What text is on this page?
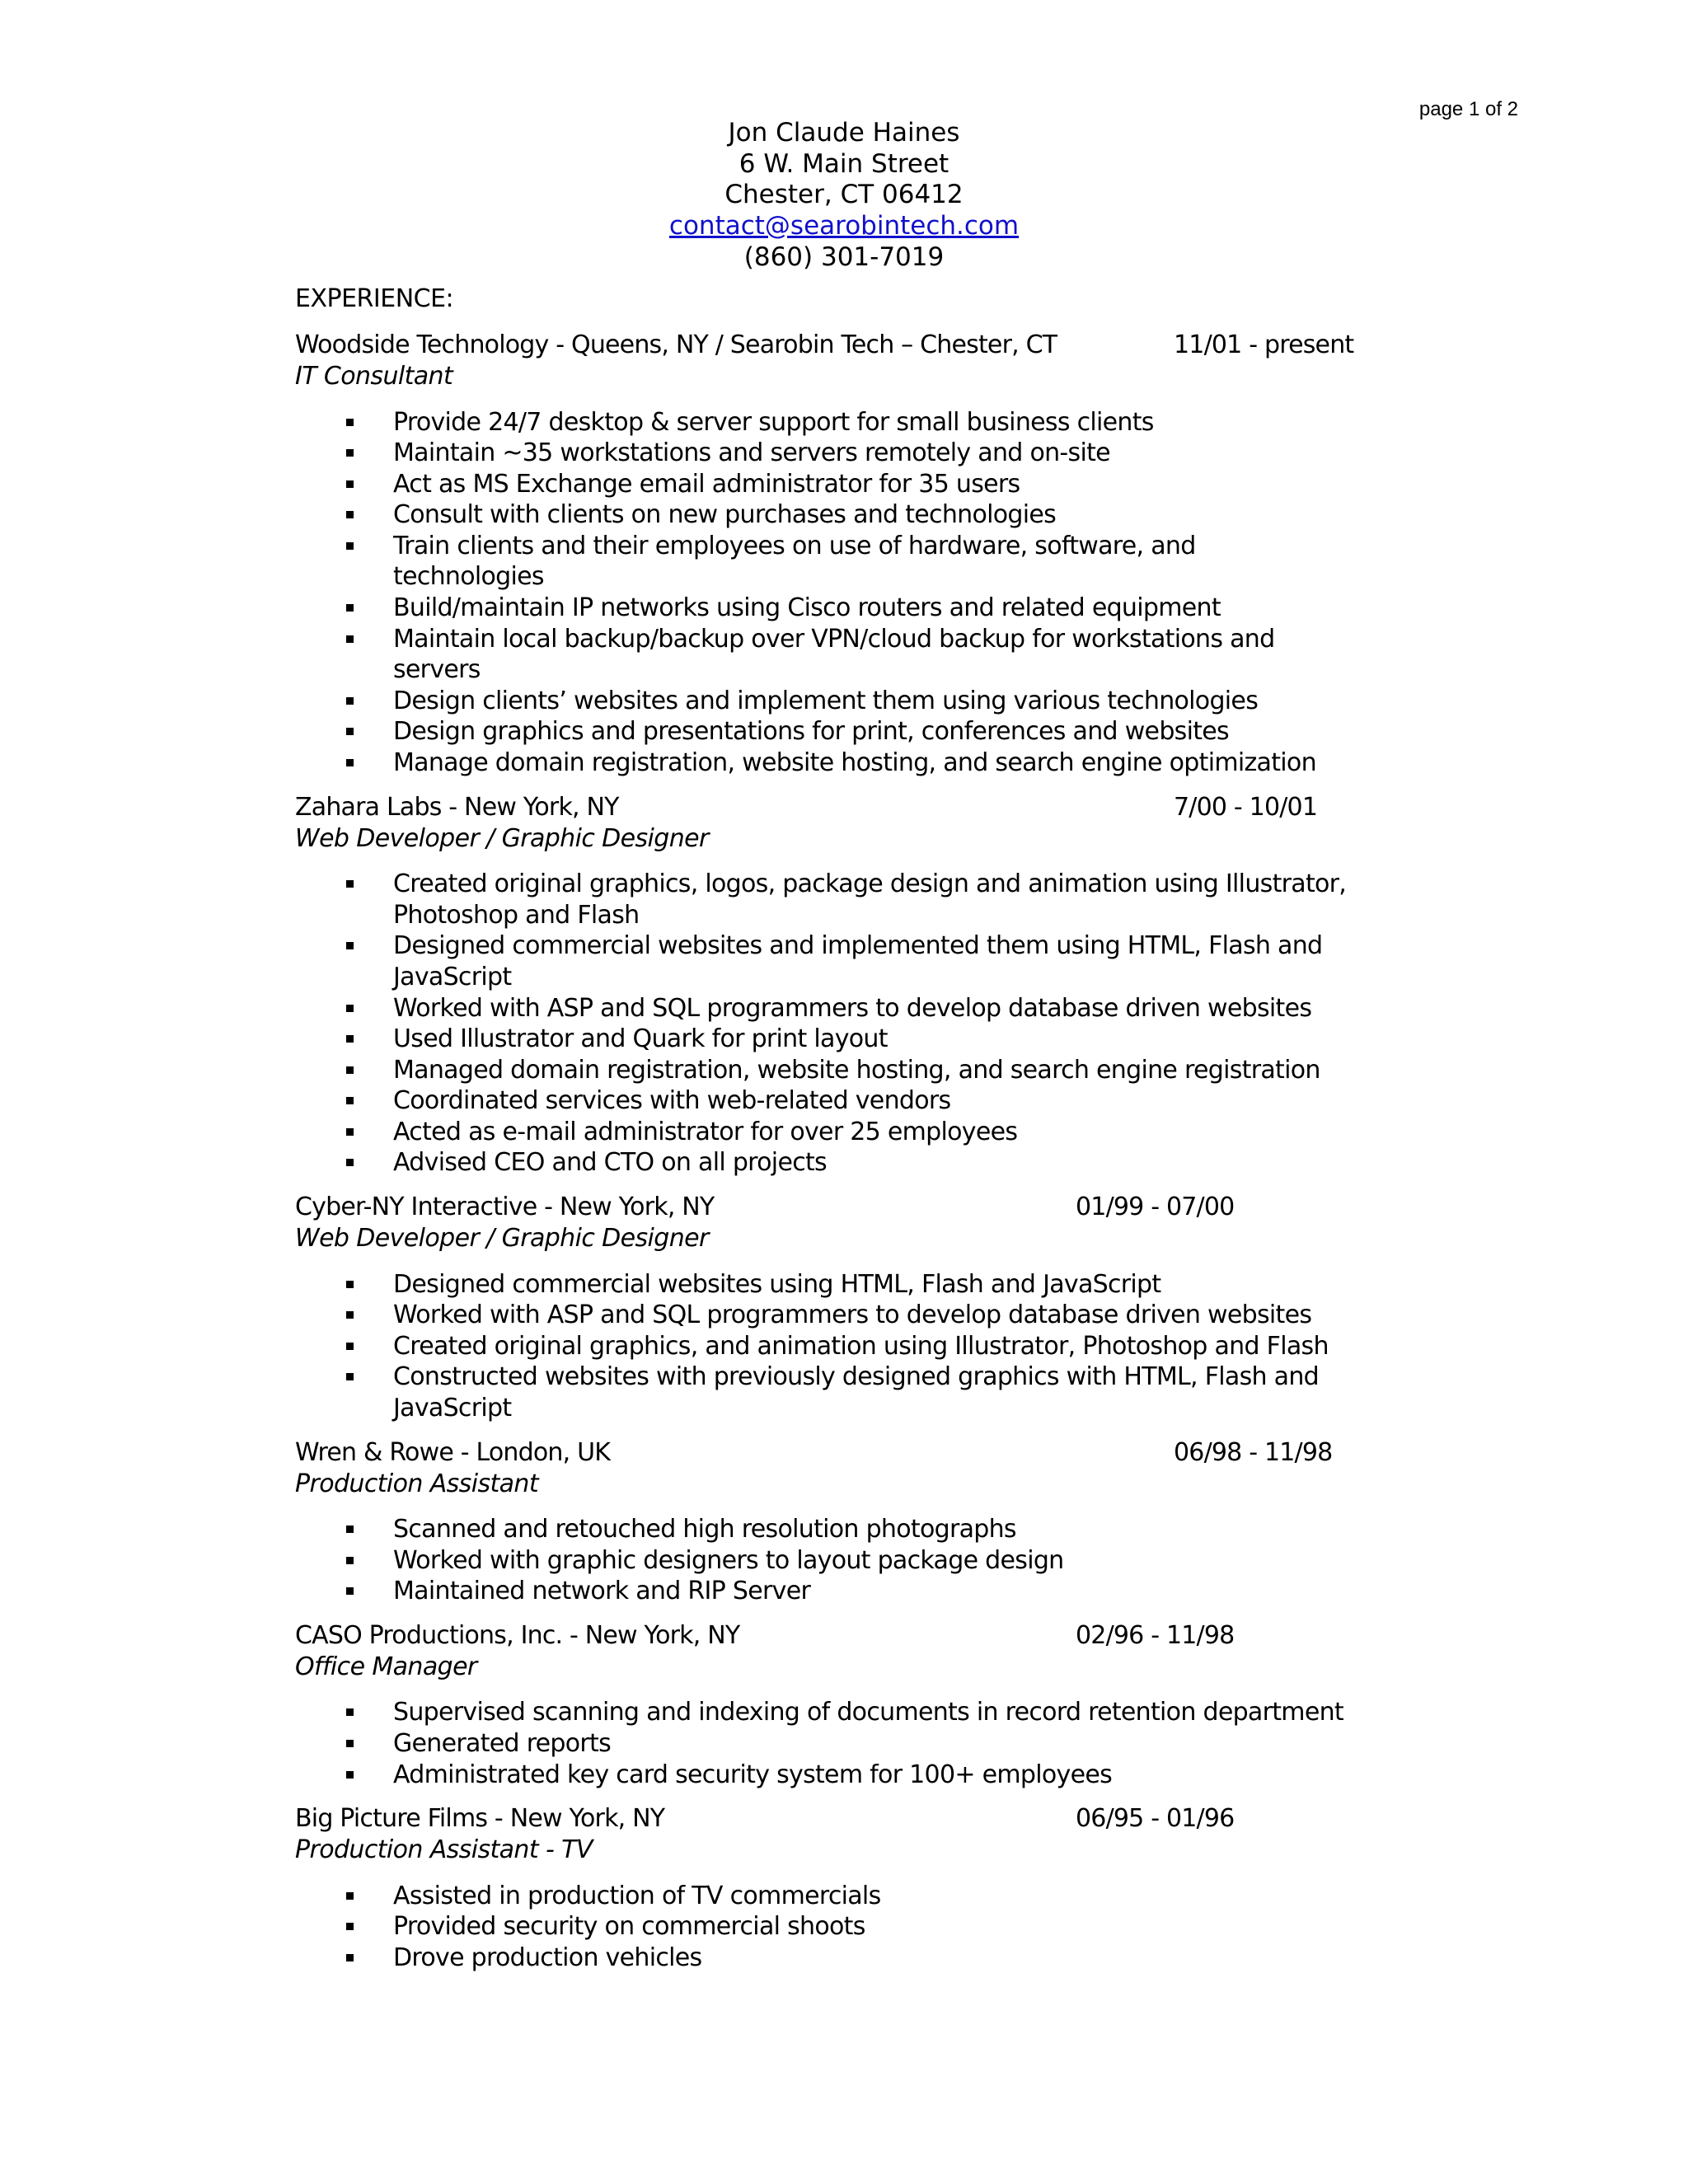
page 1 of 2
Jon Claude Haines
6 W. Main Street
Chester, CT 06412
contact@searobintech.com
(860) 301-7019
EXPERIENCE:
Woodside Technology - Queens, NY / Searobin Tech – Chester, CT	11/01 - present
IT Consultant
Provide 24/7 desktop & server support for small business clients
Maintain ~35 workstations and servers remotely and on-site
Act as MS Exchange email administrator for 35 users
Consult with clients on new purchases and technologies
Train clients and their employees on use of hardware, software, and technologies
Build/maintain IP networks using Cisco routers and related equipment
Maintain local backup/backup over VPN/cloud backup for workstations and servers
Design clients’ websites and implement them using various technologies
Design graphics and presentations for print, conferences and websites
Manage domain registration, website hosting, and search engine optimization
Zahara Labs - New York, NY	7/00 - 10/01
Web Developer / Graphic Designer
Created original graphics, logos, package design and animation using Illustrator, Photoshop and Flash
Designed commercial websites and implemented them using HTML, Flash and JavaScript
Worked with ASP and SQL programmers to develop database driven websites
Used Illustrator and Quark for print layout
Managed domain registration, website hosting, and search engine registration
Coordinated services with web-related vendors
Acted as e-mail administrator for over 25 employees
Advised CEO and CTO on all projects
Cyber-NY Interactive - New York, NY	01/99 - 07/00
Web Developer / Graphic Designer
Designed commercial websites using HTML, Flash and JavaScript
Worked with ASP and SQL programmers to develop database driven websites
Created original graphics, and animation using Illustrator, Photoshop and Flash
Constructed websites with previously designed graphics with HTML, Flash and JavaScript
Wren & Rowe - London, UK	06/98 - 11/98
Production Assistant
Scanned and retouched high resolution photographs
Worked with graphic designers to layout package design
Maintained network and RIP Server
CASO Productions, Inc. - New York, NY	02/96 - 11/98
Office Manager
Supervised scanning and indexing of documents in record retention department
Generated reports
Administrated key card security system for 100+ employees
Big Picture Films - New York, NY	06/95 - 01/96
Production Assistant - TV
Assisted in production of TV commercials
Provided security on commercial shoots
Drove production vehicles
